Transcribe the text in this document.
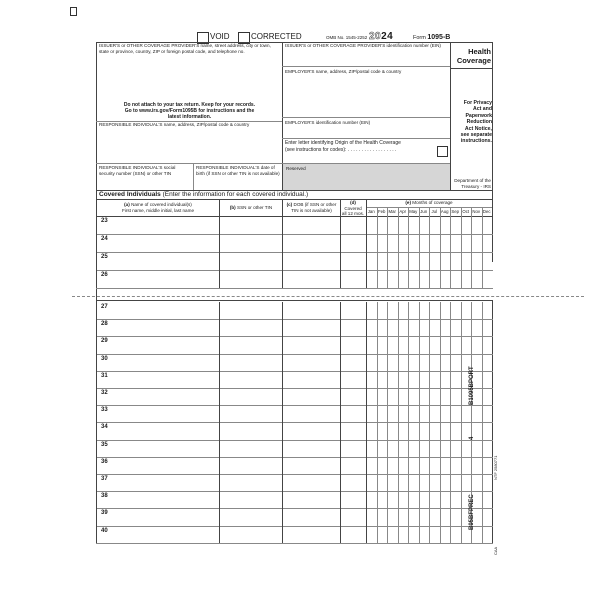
VOID	CORRECTED	OMB No. 1545-2252 2024	Form 1095-B
ISSUER'S or OTHER COVERAGE PROVIDER'S name, street address, city or town, state or province, country, ZIP or foreign postal code, and telephone no.
ISSUER'S or OTHER COVERAGE PROVIDER'S identification number (EIN)
EMPLOYER'S name, address, ZIP/postal code & country
Do not attach to your tax return. Keep for your records.
Go to www.irs.gov/Form1095B for instructions and the
latest information.
RESPONSIBLE INDIVIDUAL'S name, address, ZIP/postal code & country	EMPLOYER'S identification number (EIN)
Enter letter identifying Origin of the Health Coverage
(see instructions for codes): . . . . . . . . . . . . . . . . . .
RESPONSIBLE INDIVIDUAL'S social security number (SSN) or other TIN
RESPONSIBLE INDIVIDUAL'S date of birth (if SSN or other TIN is not available)
Reserved
Health
Coverage
For Privacy
Act and
Paperwork
Reduction
Act Notice,
see separate
instructions.
Department of the
Treasury - IRS
Covered Individuals (Enter the information for each covered individual.)
(a) Name of covered individual(s)
First name, middle initial, last name
(b) SSN or other TIN
(c) DOB (if SSN or other
TIN is not available)
(d)
Covered
all 12 mos.
(e) Months of coverage
Jan Feb Mar Apr May Jun Jul Aug Sep Oct Nov Dec
23
24
25
26
27
28
29
30
31
32
33
34
35
36
37
38
39
40
B1095BPORT
4
NTF 2580771
B95BFPREC
CAA
